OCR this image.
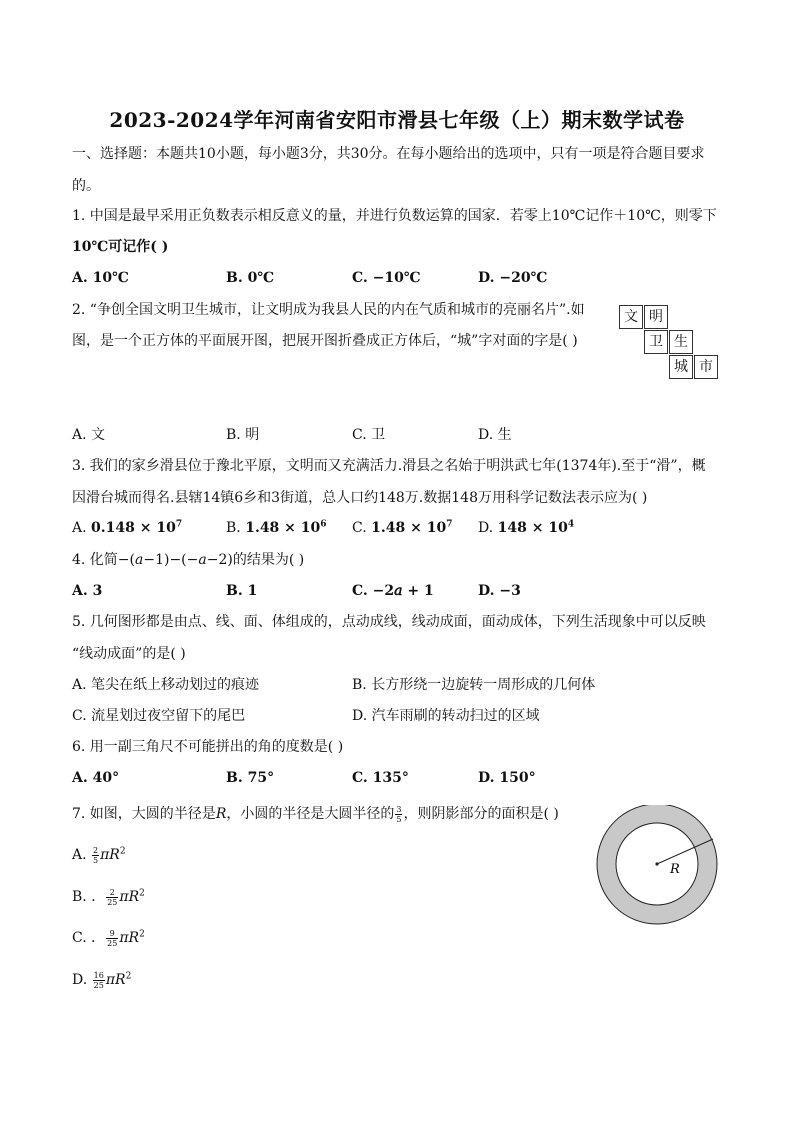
2023-2024学年河南省安阳市滑县七年级（上）期末数学试卷
一、选择题：本题共10小题，每小题3分，共30分。在每小题给出的选项中，只有一项是符合题目要求
的。
1. 中国是最早采用正负数表示相反意义的量，并进行负数运算的国家．若零上10℃记作＋10℃，则零下
10℃可记作( )
A. 10℃	B. 0℃	C. −10℃	D. −20℃
2. “争创全国文明卫生城市，让文明成为我县人民的内在气质和城市的亮丽名片”.如
图，是一个正方体的平面展开图，把展开图折叠成正方体后，“城”字对面的字是( )
文 明
卫 生
城 市
A. 文	B. 明	C. 卫	D. 生
3. 我们的家乡滑县位于豫北平原，文明而又充满活力.滑县之名始于明洪武七年(1374年).至于“滑”，概
因滑台城而得名.县辖14镇6乡和3街道，总人口约148万.数据148万用科学记数法表示应为( )
A. $0.148 \times 10^7$	B. $1.48 \times 10^6$ C. $1.48 \times 10^7$ D. $148 \times 10^4$
4. 化简−(𝑎−1)−(−𝑎−2)的结果为( )
A. 3	B. 1	C. −2𝑎 + 1	D. −3
5. 几何图形都是由点、线、面、体组成的，点动成线，线动成面，面动成体，下列生活现象中可以反映
“线动成面”的是( )
A. 笔尖在纸上移动划过的痕迹	B. 长方形绕一边旋转一周形成的几何体
C. 流星划过夜空留下的尾巴	D. 汽车雨刷的转动扫过的区域
6. 用一副三角尺不可能拼出的角的度数是( )
A. 40°	B. 75°	C. 135°	D. 150°
7. 如图，大圆的半径是𝑅，小圆的半径是大圆半径的 $\frac{3}{5}$ ，则阴影部分的面积是( )
A. $\frac{2}{5}$ π𝑅$^2$
B. ． $\frac{2}{25}$ π𝑅$^2$
C. ． $\frac{9}{25}$ π𝑅$^2$
D. $\frac{16}{25}$ π𝑅$^2$
R
